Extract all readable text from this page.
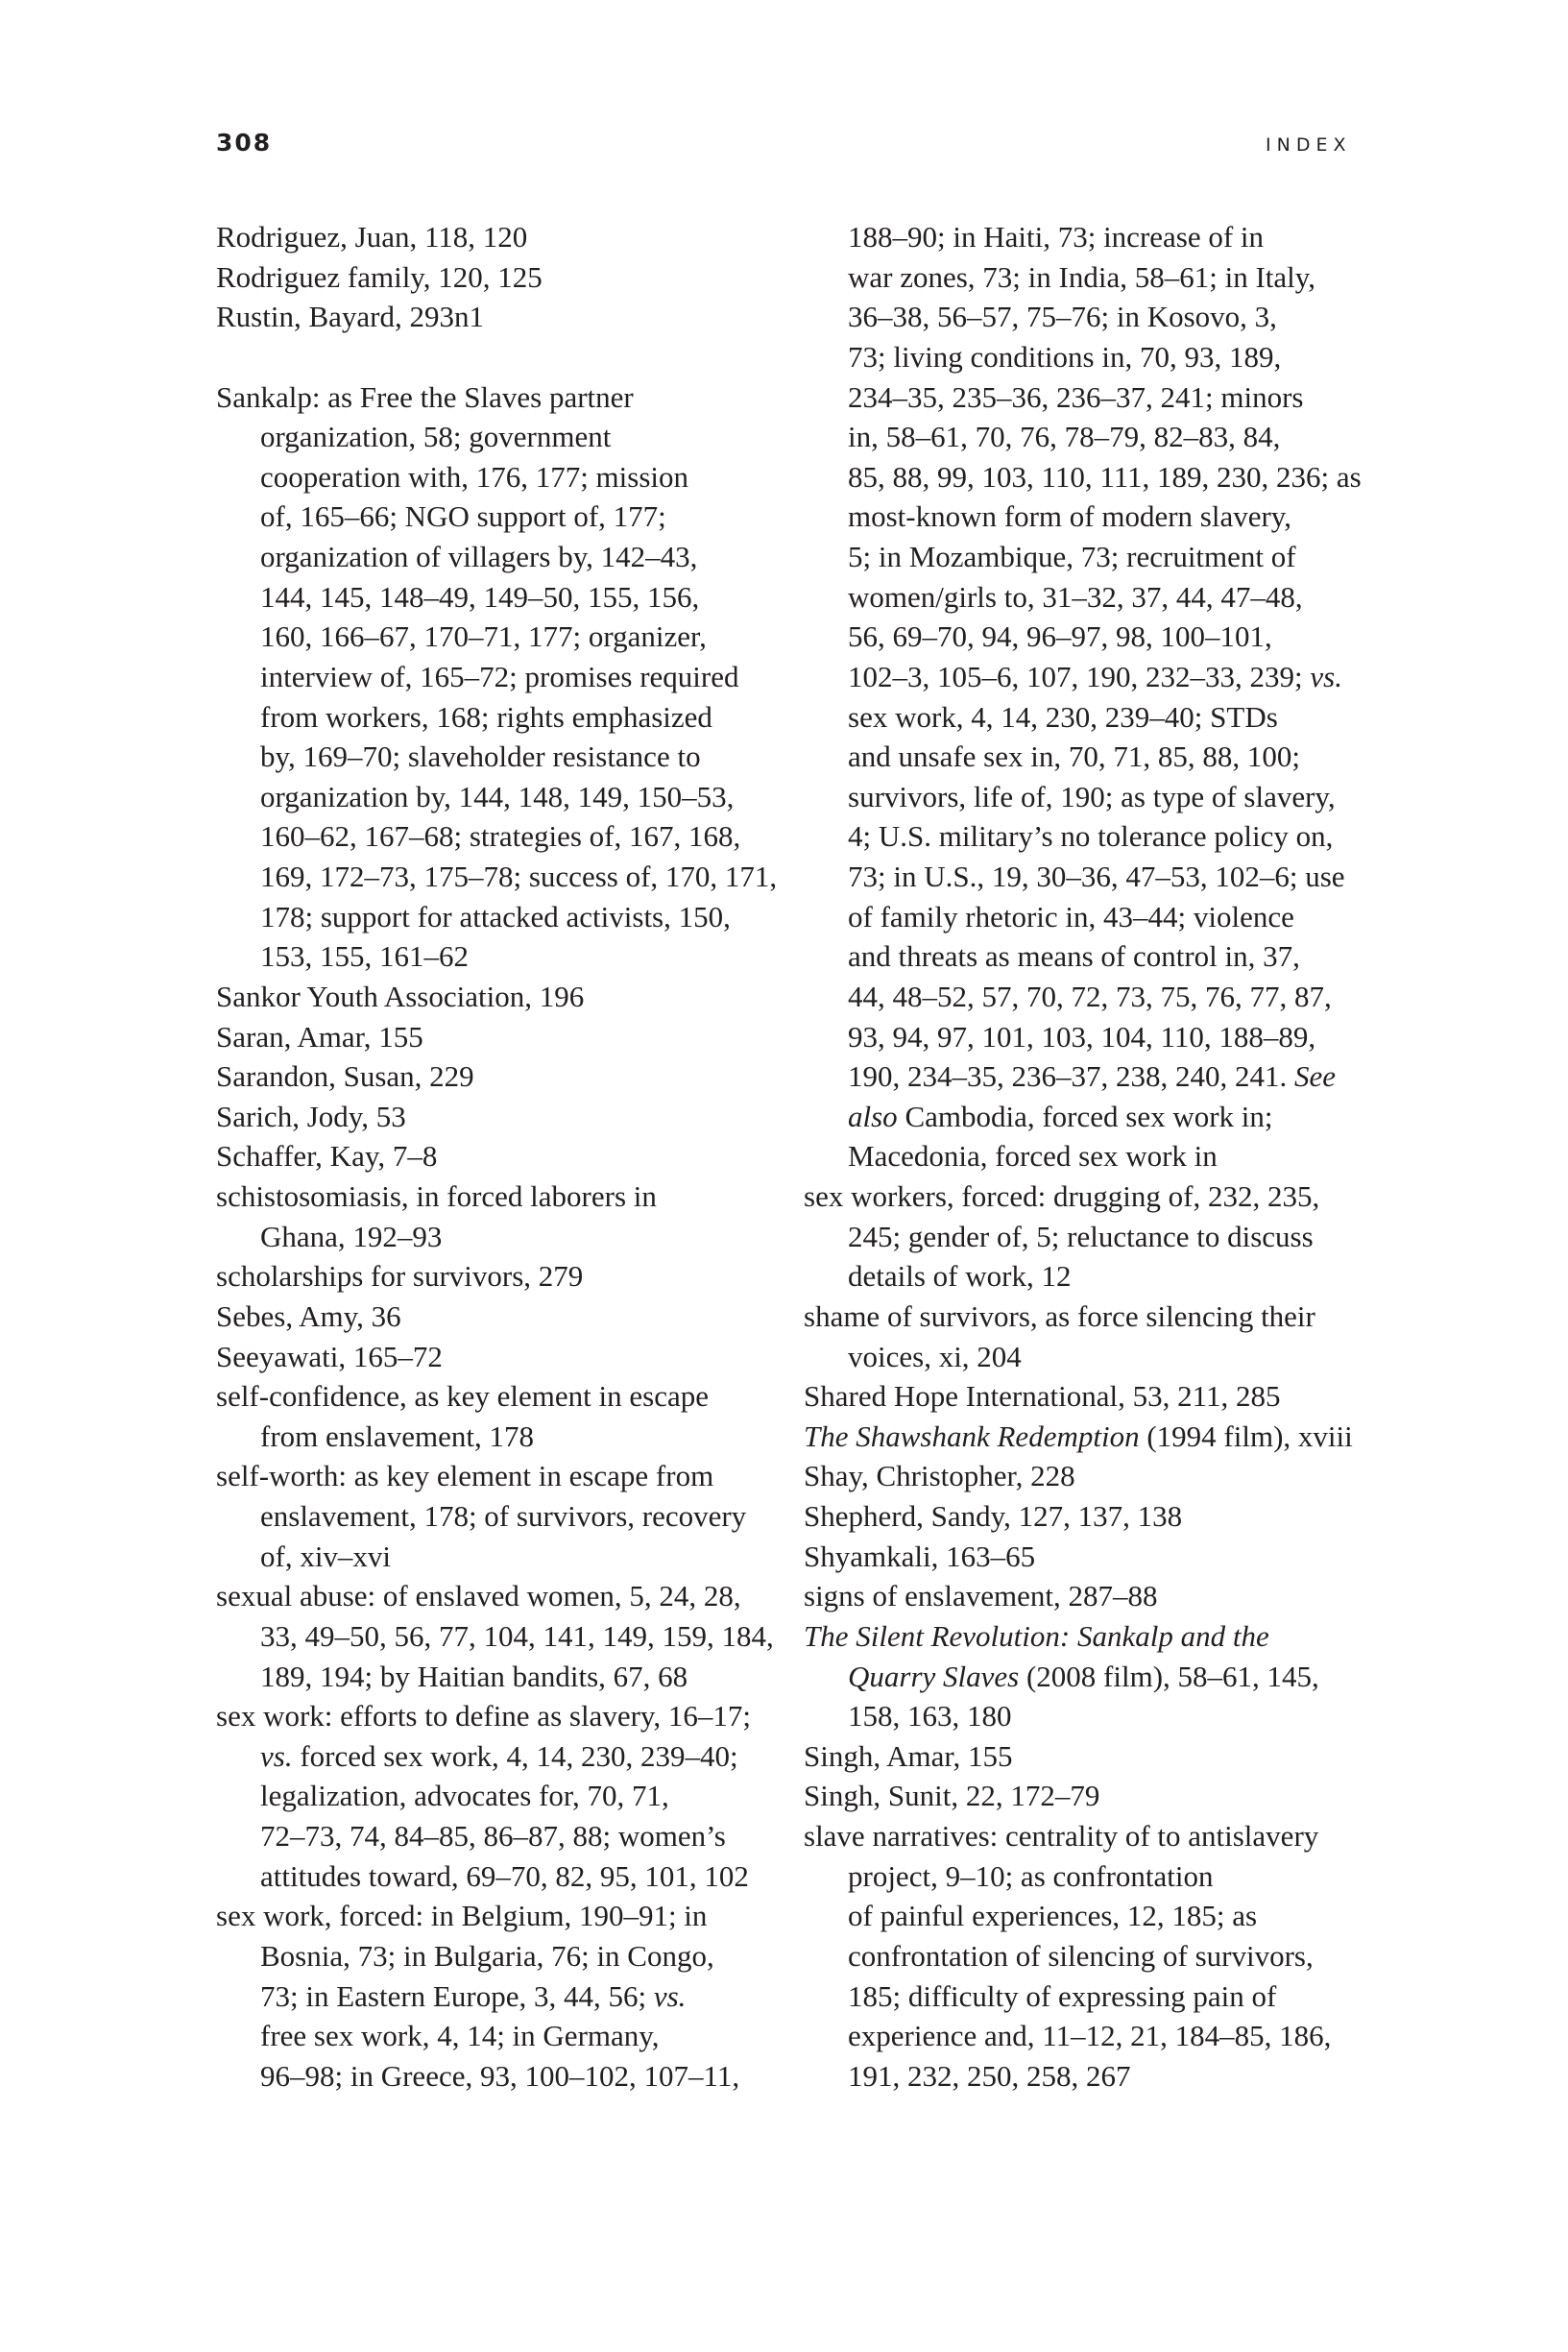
308	INDEX
Rodriguez, Juan, 118, 120
Rodriguez family, 120, 125
Rustin, Bayard, 293n1
Sankalp: as Free the Slaves partner
organization, 58; government
cooperation with, 176, 177; mission
of, 165–66; NGO support of, 177;
organization of villagers by, 142–43,
144, 145, 148–49, 149–50, 155, 156,
160, 166–67, 170–71, 177; organizer,
interview of, 165–72; promises required
from workers, 168; rights emphasized
by, 169–70; slaveholder resistance to
organization by, 144, 148, 149, 150–53,
160–62, 167–68; strategies of, 167, 168,
169, 172–73, 175–78; success of, 170, 171,
178; support for attacked activists, 150,
153, 155, 161–62
Sankor Youth Association, 196
Saran, Amar, 155
Sarandon, Susan, 229
Sarich, Jody, 53
Schaffer, Kay, 7–8
schistosomiasis, in forced laborers in
Ghana, 192–93
scholarships for survivors, 279
Sebes, Amy, 36
Seeyawati, 165–72
self-confidence, as key element in escape
from enslavement, 178
self-worth: as key element in escape from
enslavement, 178; of survivors, recovery
of, xiv–xvi
sexual abuse: of enslaved women, 5, 24, 28,
33, 49–50, 56, 77, 104, 141, 149, 159, 184,
189, 194; by Haitian bandits, 67, 68
sex work: efforts to define as slavery, 16–17;
vs. forced sex work, 4, 14, 230, 239–40;
legalization, advocates for, 70, 71,
72–73, 74, 84–85, 86–87, 88; women’s
attitudes toward, 69–70, 82, 95, 101, 102
sex work, forced: in Belgium, 190–91; in
Bosnia, 73; in Bulgaria, 76; in Congo,
73; in Eastern Europe, 3, 44, 56; vs.
free sex work, 4, 14; in Germany,
96–98; in Greece, 93, 100–102, 107–11,
188–90; in Haiti, 73; increase of in
war zones, 73; in India, 58–61; in Italy,
36–38, 56–57, 75–76; in Kosovo, 3,
73; living conditions in, 70, 93, 189,
234–35, 235–36, 236–37, 241; minors
in, 58–61, 70, 76, 78–79, 82–83, 84,
85, 88, 99, 103, 110, 111, 189, 230, 236; as
most-known form of modern slavery,
5; in Mozambique, 73; recruitment of
women/girls to, 31–32, 37, 44, 47–48,
56, 69–70, 94, 96–97, 98, 100–101,
102–3, 105–6, 107, 190, 232–33, 239; vs.
sex work, 4, 14, 230, 239–40; STDs
and unsafe sex in, 70, 71, 85, 88, 100;
survivors, life of, 190; as type of slavery,
4; U.S. military’s no tolerance policy on,
73; in U.S., 19, 30–36, 47–53, 102–6; use
of family rhetoric in, 43–44; violence
and threats as means of control in, 37,
44, 48–52, 57, 70, 72, 73, 75, 76, 77, 87,
93, 94, 97, 101, 103, 104, 110, 188–89,
190, 234–35, 236–37, 238, 240, 241. See
also Cambodia, forced sex work in;
Macedonia, forced sex work in
sex workers, forced: drugging of, 232, 235,
245; gender of, 5; reluctance to discuss
details of work, 12
shame of survivors, as force silencing their
voices, xi, 204
Shared Hope International, 53, 211, 285
The Shawshank Redemption (1994 film), xviii
Shay, Christopher, 228
Shepherd, Sandy, 127, 137, 138
Shyamkali, 163–65
signs of enslavement, 287–88
The Silent Revolution: Sankalp and the
Quarry Slaves (2008 film), 58–61, 145,
158, 163, 180
Singh, Amar, 155
Singh, Sunit, 22, 172–79
slave narratives: centrality of to antislavery
project, 9–10; as confrontation
of painful experiences, 12, 185; as
confrontation of silencing of survivors,
185; difficulty of expressing pain of
experience and, 11–12, 21, 184–85, 186,
191, 232, 250, 258, 267
